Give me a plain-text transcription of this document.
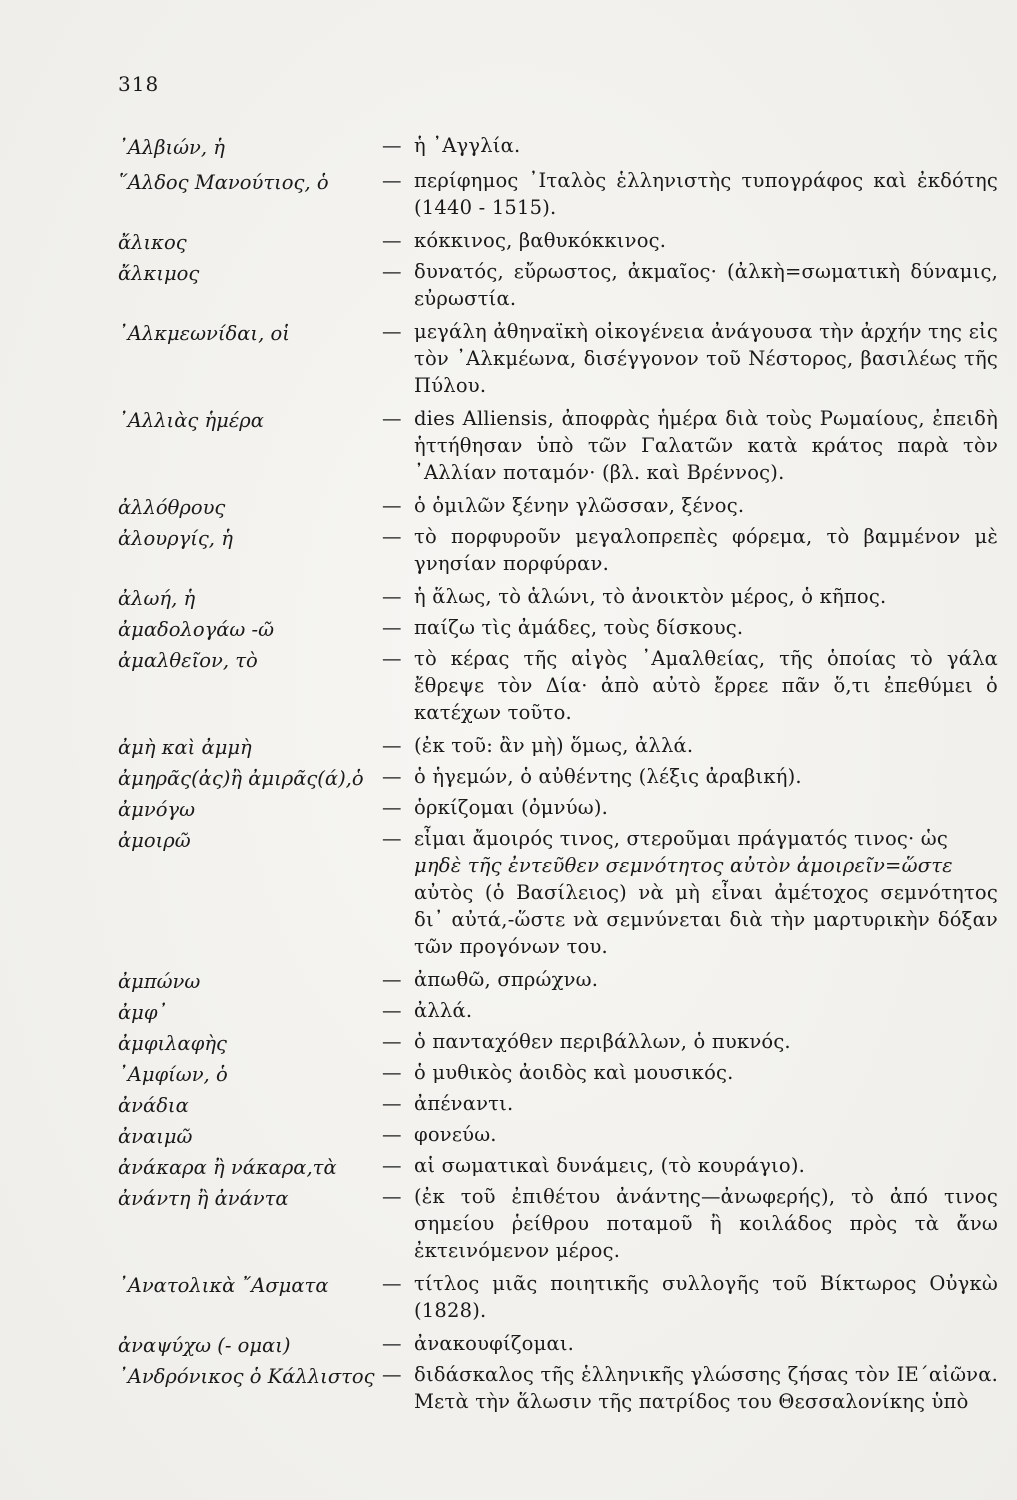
318
᾿Αλβιών, ἡ	— ἡ ᾿Αγγλία.
῞Αλδος Μανούτιος, ὁ	— περίφημος ᾿Ιταλὸς ἑλληνιστὴς τυπογράφος καὶ ἐκδότης (1440 - 1515).
ἄλικος	— κόκκινος, βαθυκόκκινος.
ἄλκιμος	— δυνατός, εὔρωστος, ἀκμαῖος· (ἀλκὴ=σωματικὴ δύναμις, εὐρωστία.
᾿Αλκμεωνίδαι, οἱ	— μεγάλη ἀθηναϊκὴ οἰκογένεια ἀνάγουσα τὴν ἀρχήν της εἰς τὸν ᾿Αλκμέωνα, δισέγγονον τοῦ Νέστορος, βασιλέως τῆς Πύλου.
᾿Αλλιὰς ἡμέρα	— dies Alliensis, ἀποφρὰς ἡμέρα διὰ τοὺς Ρωμαίους, ἐπειδὴ ἡττήθησαν ὑπὸ τῶν Γαλατῶν κατὰ κράτος παρὰ τὸν ᾿Αλλίαν ποταμόν· (βλ. καὶ Βρέννος).
ἀλλόθρους	— ὁ ὁμιλῶν ξένην γλῶσσαν, ξένος.
ἀλουργίς, ἡ	— τὸ πορφυροῦν μεγαλοπρεπὲς φόρεμα, τὸ βαμμένον μὲ γνησίαν πορφύραν.
ἀλωή, ἡ	— ἡ ἅλως, τὸ ἁλώνι, τὸ ἀνοικτὸν μέρος, ὁ κῆπος.
ἀμαδολογάω -ῶ	— παίζω τὶς ἀμάδες, τοὺς δίσκους.
ἀμαλθεῖον, τὸ	— τὸ κέρας τῆς αἰγὸς ᾿Αμαλθείας, τῆς ὁποίας τὸ γάλα ἔθρεψε τὸν Δία· ἀπὸ αὐτὸ ἔρρεε πᾶν ὅ,τι ἐπεθύμει ὁ κατέχων τοῦτο.
ἀμὴ καὶ ἀμμὴ	— (ἐκ τοῦ: ἂν μὴ) ὅμως, ἀλλά.
ἀμηρᾶς(ἀς)ἢ ἀμιρᾶς(ά),ὁ — ὁ ἡγεμών, ὁ αὐθέντης (λέξις ἀραβική).
ἀμνόγω	— ὁρκίζομαι (ὀμνύω).
ἀμοιρῶ	— εἶμαι ἄμοιρός τινος, στεροῦμαι πράγματός τινος· ὡς
μηδὲ τῆς ἐντεῦθεν σεμνότητος αὐτὸν ἀμοιρεῖν=ὥστε
αὐτὸς (ὁ Βασίλειος) νὰ μὴ εἶναι ἀμέτοχος σεμνότητος δι᾿ αὐτά,-ὥστε νὰ σεμνύνεται διὰ τὴν μαρτυρικὴν δόξαν τῶν προγόνων του.
ἀμπώνω	— ἀπωθῶ, σπρώχνω.
ἀμφ᾿	— ἀλλά.
ἀμφιλαφὴς	— ὁ πανταχόθεν περιβάλλων, ὁ πυκνός.
᾿Αμφίων, ὁ	— ὁ μυθικὸς ἀοιδὸς καὶ μουσικός.
ἀνάδια	— ἀπέναντι.
ἀναιμῶ	— φονεύω.
ἀνάκαρα ἢ νάκαρα,τὰ	— αἱ σωματικαὶ δυνάμεις, (τὸ κουράγιο).
ἀνάντη ἢ ἀνάντα	— (ἐκ τοῦ ἐπιθέτου ἀνάντης—ἀνωφερής), τὸ ἀπό τινος σημείου ῥείθρου ποταμοῦ ἢ κοιλάδος πρὸς τὰ ἄνω ἐκτεινόμενον μέρος.
᾿Ανατολικὰ ῎Ασματα	— τίτλος μιᾶς ποιητικῆς συλλογῆς τοῦ Βίκτωρος Οὐγκὼ (1828).
ἀναψύχω (- ομαι)	— ἀνακουφίζομαι.
᾿Ανδρόνικος ὁ Κάλλιστος — διδάσκαλος τῆς ἑλληνικῆς γλώσσης ζήσας τὸν ΙΕ´αἰῶνα. Μετὰ τὴν ἅλωσιν τῆς πατρίδος του Θεσσαλονίκης ὑπὸ
